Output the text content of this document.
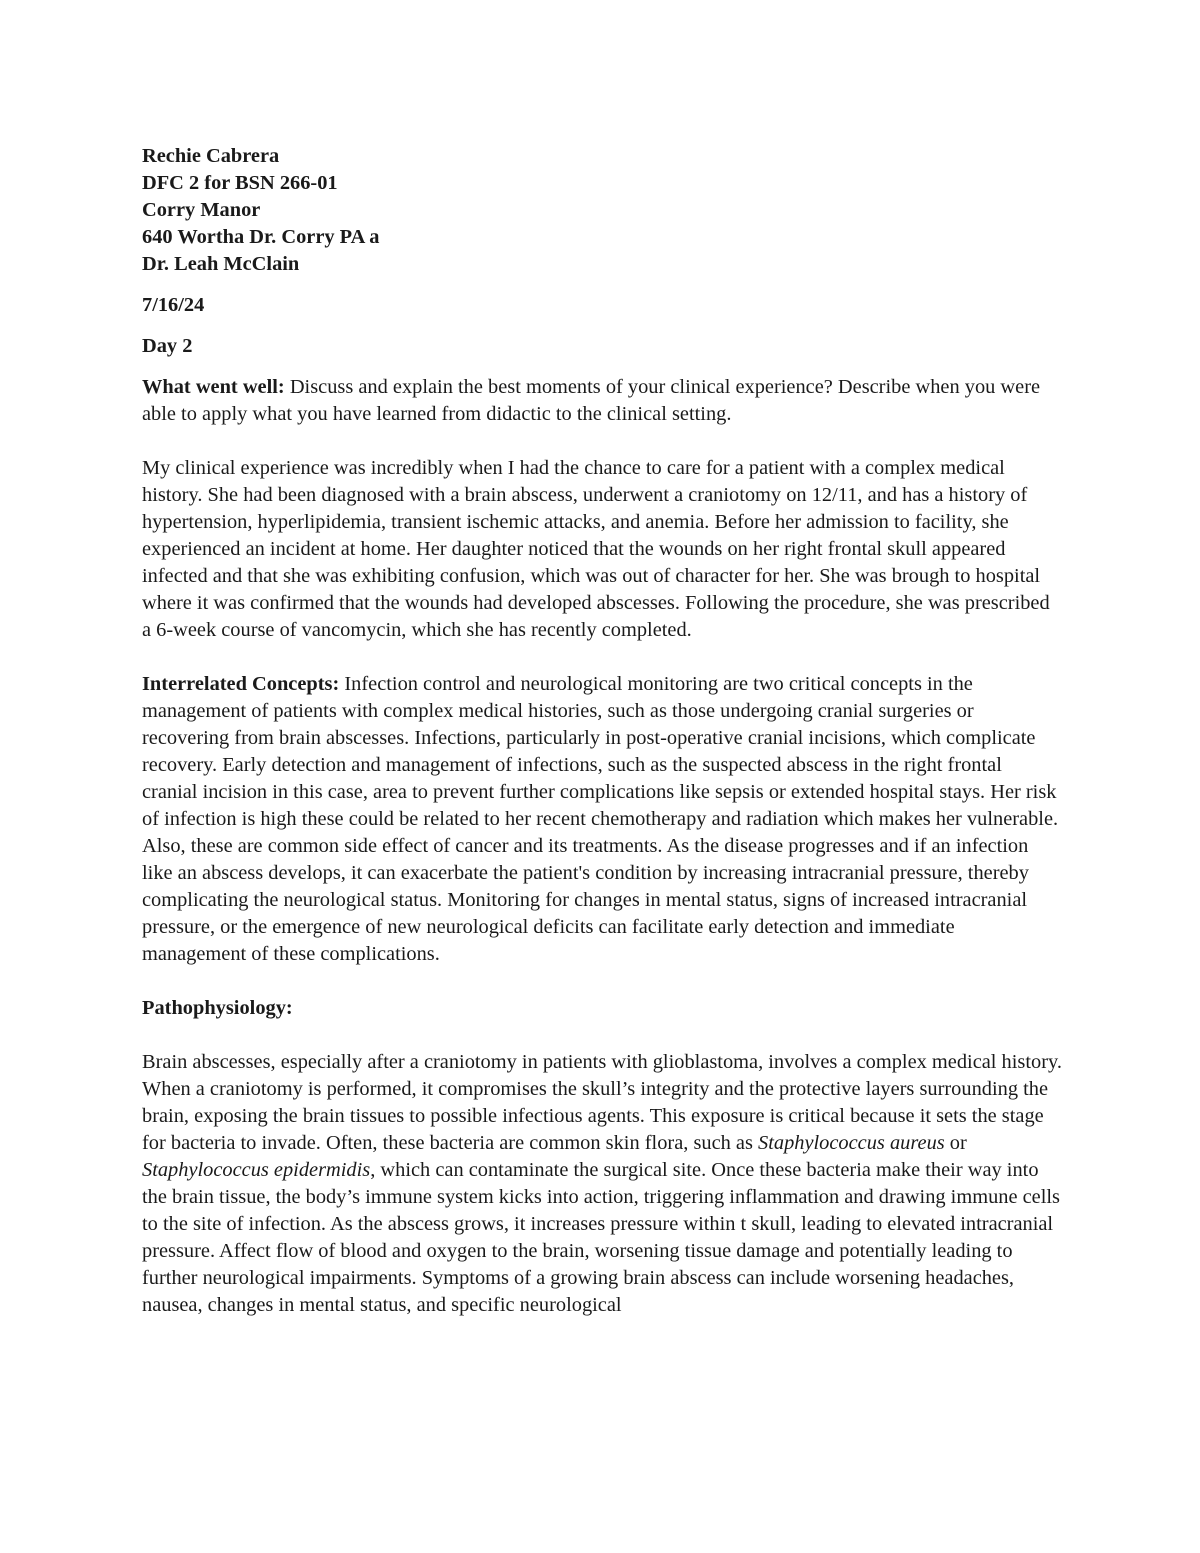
Rechie Cabrera
DFC 2 for BSN 266-01
Corry Manor
640 Wortha Dr. Corry PA a
Dr. Leah McClain
7/16/24
Day 2

What went well: Discuss and explain the best moments of your clinical experience? Describe when you were able to apply what you have learned from didactic to the clinical setting.

My clinical experience was incredibly when I had the chance to care for a patient with a complex medical history. She had been diagnosed with a brain abscess, underwent a craniotomy on 12/11, and has a history of hypertension, hyperlipidemia, transient ischemic attacks, and anemia. Before her admission to facility, she experienced an incident at home. Her daughter noticed that the wounds on her right frontal skull appeared infected and that she was exhibiting confusion, which was out of character for her. She was brough to hospital where it was confirmed that the wounds had developed abscesses. Following the procedure, she was prescribed a 6-week course of vancomycin, which she has recently completed.

Interrelated Concepts: Infection control and neurological monitoring are two critical concepts in the management of patients with complex medical histories, such as those undergoing cranial surgeries or recovering from brain abscesses. Infections, particularly in post-operative cranial incisions, which complicate recovery. Early detection and management of infections, such as the suspected abscess in the right frontal cranial incision in this case, area to prevent further complications like sepsis or extended hospital stays. Her risk of infection is high these could be related to her recent chemotherapy and radiation which makes her vulnerable. Also, these are common side effect of cancer and its treatments. As the disease progresses and if an infection like an abscess develops, it can exacerbate the patient's condition by increasing intracranial pressure, thereby complicating the neurological status. Monitoring for changes in mental status, signs of increased intracranial pressure, or the emergence of new neurological deficits can facilitate early detection and immediate management of these complications.

Pathophysiology:

Brain abscesses, especially after a craniotomy in patients with glioblastoma, involves a complex medical history. When a craniotomy is performed, it compromises the skull’s integrity and the protective layers surrounding the brain, exposing the brain tissues to possible infectious agents. This exposure is critical because it sets the stage for bacteria to invade. Often, these bacteria are common skin flora, such as Staphylococcus aureus or Staphylococcus epidermidis, which can contaminate the surgical site. Once these bacteria make their way into the brain tissue, the body’s immune system kicks into action, triggering inflammation and drawing immune cells to the site of infection. As the abscess grows, it increases pressure within t skull, leading to elevated intracranial pressure. Affect flow of blood and oxygen to the brain, worsening tissue damage and potentially leading to further neurological impairments. Symptoms of a growing brain abscess can include worsening headaches, nausea, changes in mental status, and specific neurological
